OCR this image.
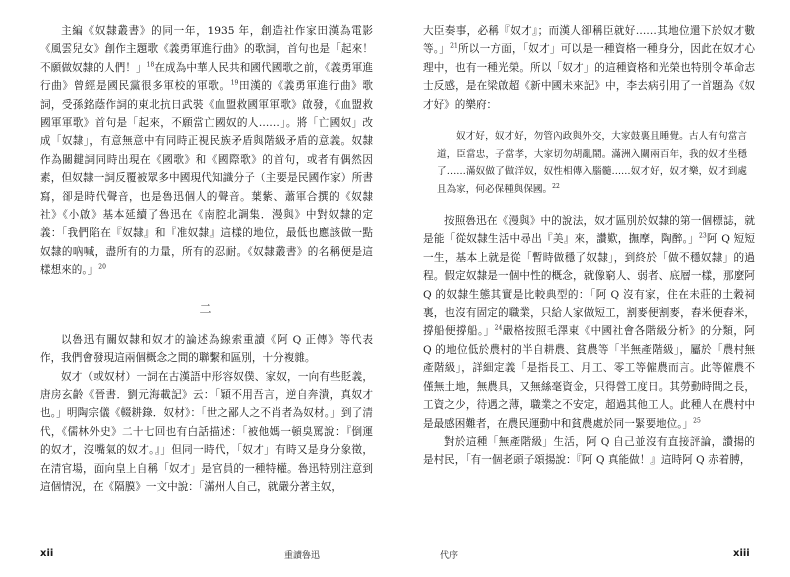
主編《奴隸叢書》的同一年，1935 年，創造社作家田漢為電影《風雲兒女》創作主題歌《義勇軍進行曲》的歌詞，首句也是「起來！不願做奴隸的人們！」$^{18}$在成為中華人民共和國代國歌之前，《義勇軍進行曲》曾經是國民黨很多軍校的軍歌。$^{19}$田漢的《義勇軍進行曲》歌詞，受孫銘蔭作詞的東北抗日武裝《血盟救國軍軍歌》啟發，《血盟救國軍軍歌》首句是「起來，不願當亡國奴的人……」。將「亡國奴」改成「奴隸」，有意無意中有同時正視民族矛盾與階級矛盾的意義。奴隸作為關鍵詞同時出現在《國歌》和《國際歌》的首句，或者有偶然因素，但奴隸一詞反覆被眾多中國現代知識分子（主要是民國作家）所書寫，卻是時代聲音，也是魯迅個人的聲音。葉紫、蕭軍合撰的《奴隸社》《小啟》基本延續了魯迅在《南腔北調集．漫與》中對奴隸的定義：「我們陷在『奴隸』和『准奴隸』這樣的地位，最低也應該做一點奴隸的吶喊，盡所有的力量，所有的忍耐。《奴隸叢書》的名稱便是這樣想來的。」$^{20}$

二

以魯迅有關奴隸和奴才的論述為線索重讀《阿 Q 正傳》等代表作，我們會發現這兩個概念之間的聯繫和區別，十分複雜。

奴才（或奴材）一詞在古漢語中形容奴僕、家奴，一向有些貶義，唐房玄齡《晉書．劉元海載記》云：「穎不用吾言，逆自奔潰，真奴才也。」明陶宗儀《輟耕錄．奴材》：「世之鄙人之不肖者為奴材。」到了清代，《儒林外史》二十七回也有白話描述：「被他媽一頓臭罵說：『倒運的奴才，沒嘴氣的奴才。』」但同一時代，「奴才」有時又是身分象徵，在清官場，面向皇上自稱「奴才」是官員的一種特權。魯迅特別注意到這個情況，在《隔膜》一文中說：「滿州人自己，就嚴分著主奴，

xii	重讀魯迅

大臣奏事，必稱『奴才』；而漢人卻稱臣就好……其地位還下於奴才數等。」$^{21}$所以一方面，「奴才」可以是一種資格一種身分，因此在奴才心理中，也有一種光榮。所以「奴才」的這種資格和光榮也特別令革命志士反感，是在梁啟超《新中國未來記》中，李去病引用了一首題為《奴才好》的樂府：

奴才好，奴才好，勿管內政與外交，大家鼓裏且睡覺。古人有句當言道，臣當忠，子當孝，大家切勿胡亂鬧。滿洲入關兩百年，我的奴才坐穩了……滿奴做了做洋奴，奴性相傳入腦髓……奴才好，奴才樂，奴才到處且為家，何必保種與保國。$^{22}$

按照魯迅在《漫與》中的說法，奴才區別於奴隸的第一個標誌，就是能「從奴隸生活中尋出『美』來，讚歎，撫摩，陶醉。」$^{23}$阿 Q 短短一生，基本上就是從「暫時做穩了奴隸」，到終於「做不穩奴隸」的過程。假定奴隸是一個中性的概念，就像窮人、弱者、底層一樣，那麼阿 Q 的奴隸生態其實是比較典型的：「阿 Q 沒有家，住在未莊的土穀祠裏，也沒有固定的職業，只給人家做短工，割麥便割麥，舂米便舂米，撐船便撐船。」$^{24}$嚴格按照毛澤東《中國社會各階級分析》的分類，阿 Q 的地位低於農村的半自耕農、貧農等「半無產階級」，屬於「農村無產階級」，詳細定義「是指長工、月工、零工等僱農而言。此等僱農不僅無土地，無農具，又無絲毫資金，只得營工度日。其勞動時間之長，工資之少，待遇之薄，職業之不安定，超過其他工人。此種人在農村中是最感困難者，在農民運動中和貧農處於同一緊要地位。」$^{25}$

對於這種「無產階級」生活，阿 Q 自己並沒有直接評論，讚揚的是村民，「有一個老頭子頌揚說：『阿 Q 真能做！』這時阿 Q 赤着膊，

代序	xiii
